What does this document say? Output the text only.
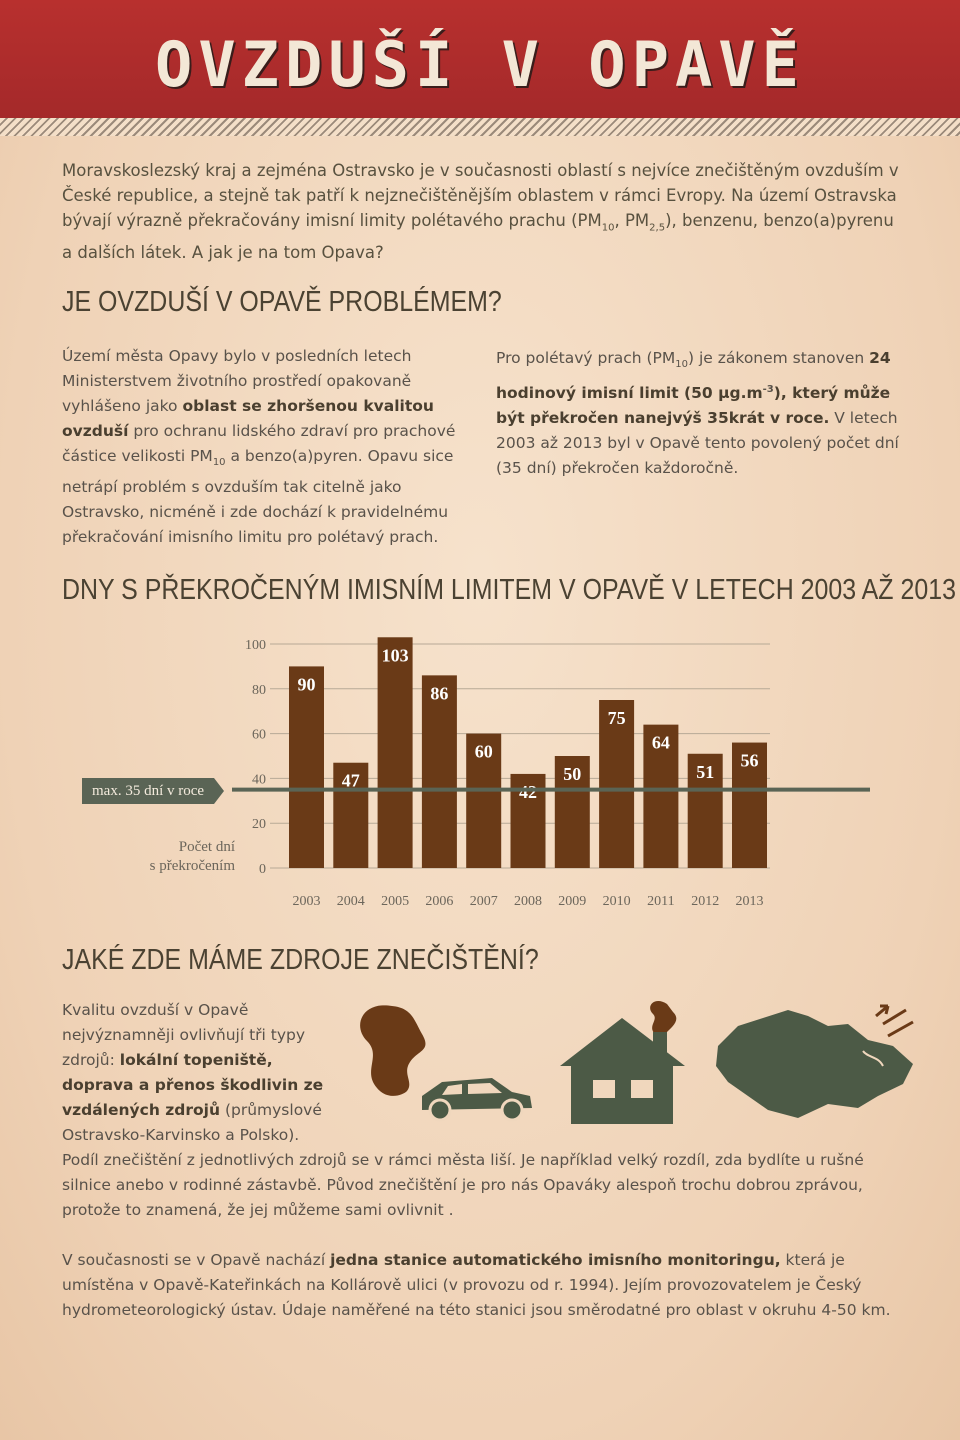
OVZDUŠÍ V OPAVĚ
Moravskoslezský kraj a zejména Ostravsko je v současnosti oblastí s nejvíce znečištěným ovzduším v České republice, a stejně tak patří k nejznečištěnějším oblastem v rámci Evropy. Na území Ostravska bývají výrazně překračovány imisní limity polétavého prachu ($PM_{10}$, $PM_{2,5}$), benzenu, benzo(a)pyrenu a dalších látek. A jak je na tom Opava?
JE OVZDUŠÍ V OPAVĚ PROBLÉMEM?
Území města Opavy bylo v posledních letech Ministerstvem životního prostředí opakovaně vyhlášeno jako oblast se zhoršenou kvalitou ovzduší pro ochranu lidského zdraví pro prachové částice velikosti $PM_{10}$ a benzo(a)pyren. Opavu sice netrápí problém s ovzduším tak citelně jako Ostravsko, nicméně i zde dochází k pravidelnému překračování imisního limitu pro polétavý prach.
Pro polétavý prach $(PM_{10})$ je zákonem stanoven 24 hodinový imisní limit (50 $\mu g.m^{-3}$), který může být překročen nanejvýš 35krát v roce. V letech 2003 až 2013 byl v Opavě tento povolený počet dní (35 dní) překročen každoročně.
DNY S PŘEKROČENÝM IMISNÍM LIMITEM V OPAVĚ V LETECH 2003 AŽ 2013
0
20
40
60
80
100
90
2003
47
2004
103
2005
86
2006
60
2007
42
2008
50
2009
75
2010
64
2011
51
2012
56
2013
max. 35 dní v roce
Počet dní
s překročením
JAKÉ ZDE MÁME ZDROJE ZNEČIŠTĚNÍ?
Kvalitu ovzduší v Opavě nejvýznamněji ovlivňují tři typy zdrojů: lokální topeniště, doprava a přenos škodlivin ze vzdálených zdrojů (průmyslové Ostravsko-Karvinsko a Polsko).
Podíl znečištění z jednotlivých zdrojů se v rámci města liší. Je například velký rozdíl, zda bydlíte u rušné silnice anebo v rodinné zástavbě. Původ znečištění je pro nás Opaváky alespoň trochu dobrou zprávou, protože to znamená, že jej můžeme sami ovlivnit .
V současnosti se v Opavě nachází jedna stanice automatického imisního monitoringu, která je umístěna v Opavě-Kateřinkách na Kollárově ulici (v provozu od r. 1994). Jejím provozovatelem je Český hydrometeorologický ústav. Údaje naměřené na této stanici jsou směrodatné pro oblast v okruhu 4-50 km.
